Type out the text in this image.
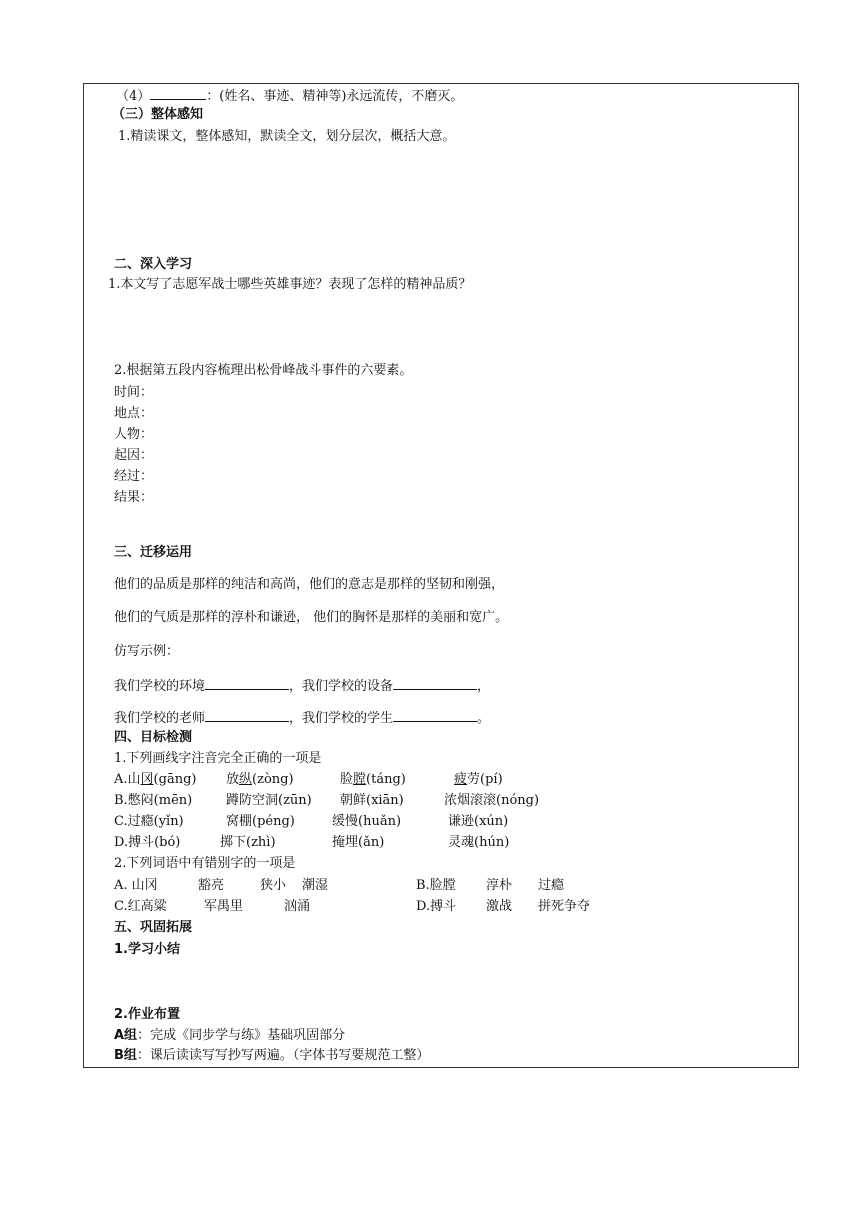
（4）	：(姓名、事迹、精神等)永远流传，不磨灭。
（三）整体感知
1.精读课文，整体感知，默读全文，划分层次，概括大意。
二、深入学习
1.本文写了志愿军战士哪些英雄事迹？表现了怎样的精神品质？
2.根据第五段内容梳理出松骨峰战斗事件的六要素。
时间：
地点：
人物：
起因：
经过：
结果：
三、迁移运用
他们的品质是那样的纯洁和高尚，他们的意志是那样的坚韧和刚强，
他们的气质是那样的淳朴和谦逊， 他们的胸怀是那样的美丽和宽广。
仿写示例：
我们学校的环境	，我们学校的设备	，
我们学校的老师	，我们学校的学生	。
四、目标检测
1.下列画线字注音完全正确的一项是
A.山冈(gāng) 放纵(zòng)	脸膛(táng)	疲劳(pí)
B.憋闷(mēn)	蹲防空洞(zūn) 朝鲜(xiān)	浓烟滚滚(nóng)
C.过瘾(yǐn)	窝棚(péng)	缓慢(huǎn)	谦逊(xún)
D.搏斗(bó)	掷下(zhì)	掩埋(ǎn)	灵魂(hún)
2.下列词语中有错别字的一项是
A. 山冈	豁亮	狭小 潮湿	B.脸膛 淳朴 过瘾
C.红高粱	军禺里	汹涌	D.搏斗 激战 拼死争夺
五、巩固拓展
1.学习小结
2.作业布置
A组：完成《同步学与练》基础巩固部分
B组：课后读读写写抄写两遍。（字体书写要规范工整）
